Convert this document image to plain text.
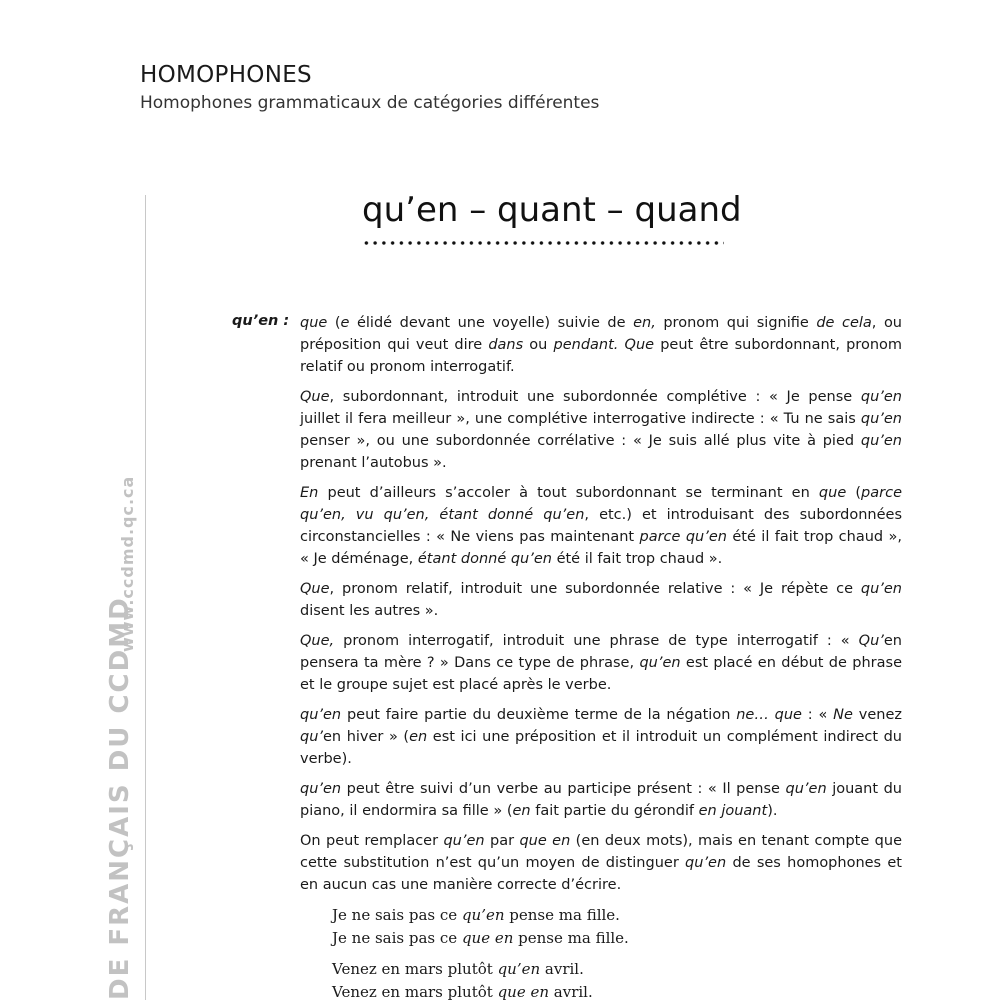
HOMOPHONES
Homophones grammaticaux de catégories différentes
DE FRANÇAIS DU CCDMD
www.ccdmd.qc.ca
qu’en – quant – quand
qu’en : que (e élidé devant une voyelle) suivie de en, pronom qui signifie de cela, ou préposition qui veut dire dans ou pendant. Que peut être subordonnant, pronom relatif ou pronom interrogatif.

Que, subordonnant, introduit une subordonnée complétive : « Je pense qu’en juillet il fera meilleur », une complétive interrogative indirecte : « Tu ne sais qu’en penser », ou une subordonnée corrélative : « Je suis allé plus vite à pied qu’en prenant l’autobus ».

En peut d’ailleurs s’accoler à tout subordonnant se terminant en que (parce qu’en, vu qu’en, étant donné qu’en, etc.) et introduisant des subordonnées circonstancielles : « Ne viens pas maintenant parce qu’en été il fait trop chaud », « Je déménage, étant donné qu’en été il fait trop chaud ».

Que, pronom relatif, introduit une subordonnée relative : « Je répète ce qu’en disent les autres ».

Que, pronom interrogatif, introduit une phrase de type interrogatif : « Qu’en pensera ta mère ? » Dans ce type de phrase, qu’en est placé en début de phrase et le groupe sujet est placé après le verbe.

qu’en peut faire partie du deuxième terme de la négation ne… que : « Ne venez qu’en hiver » (en est ici une préposition et il introduit un complément indirect du verbe).

qu’en peut être suivi d’un verbe au participe présent : « Il pense qu’en jouant du piano, il endormira sa fille » (en fait partie du gérondif en jouant).

On peut remplacer qu’en par que en (en deux mots), mais en tenant compte que cette substitution n’est qu’un moyen de distinguer qu’en de ses homophones et en aucun cas une manière correcte d’écrire.

Je ne sais pas ce qu’en pense ma fille.
Je ne sais pas ce que en pense ma fille.
Venez en mars plutôt qu’en avril.
Venez en mars plutôt que en avril.
